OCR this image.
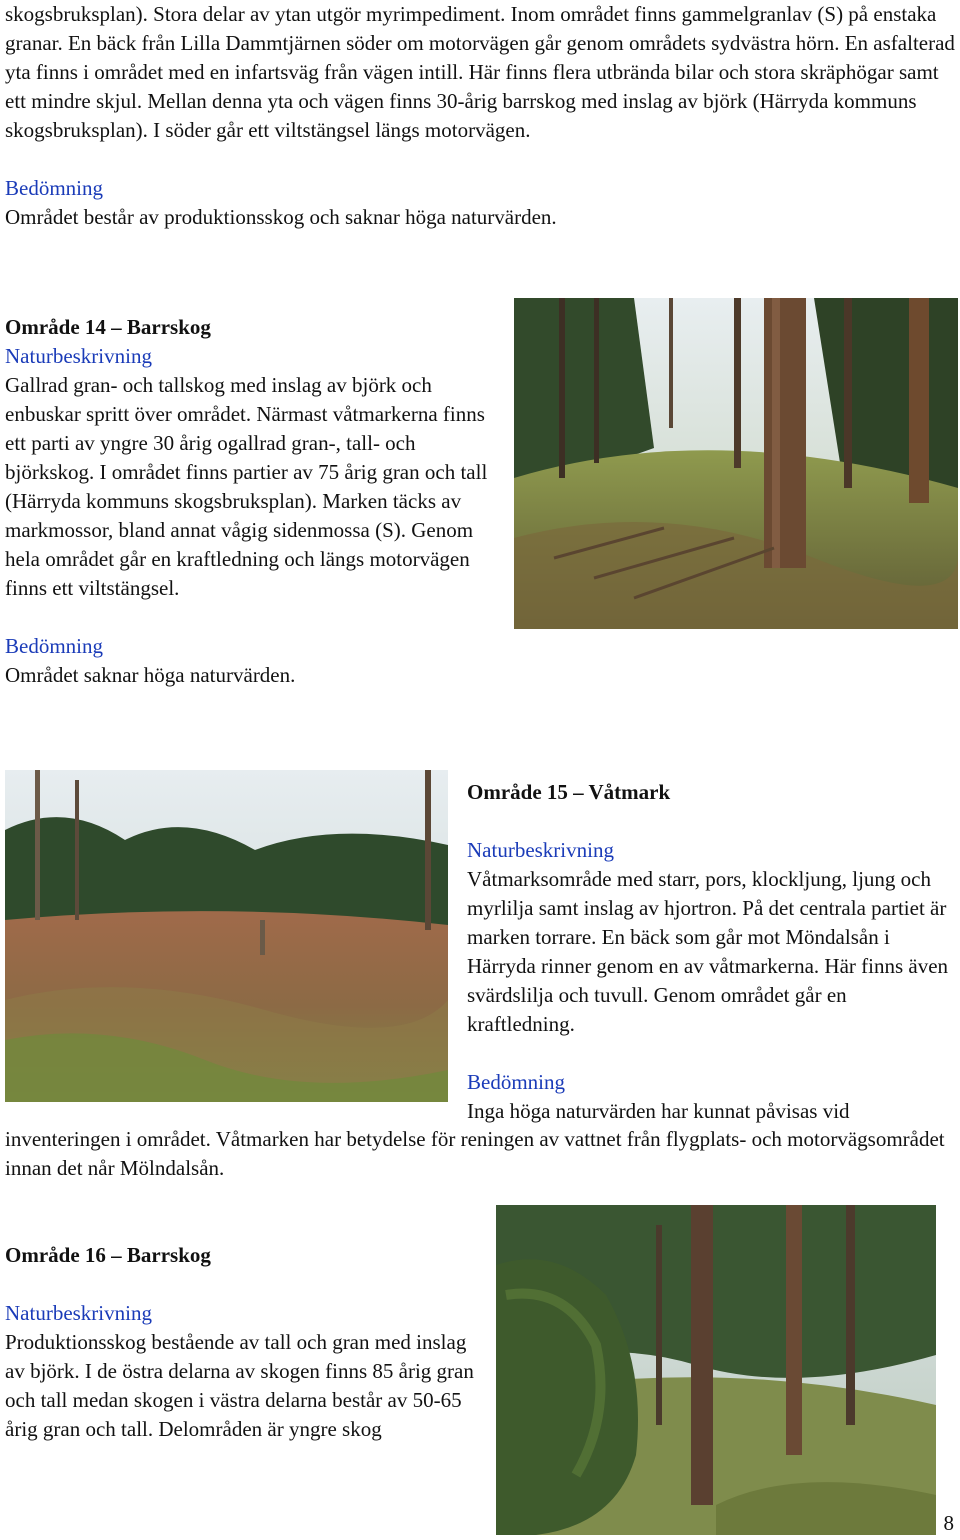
skogsbruksplan). Stora delar av ytan utgör myrimpediment. Inom området finns gammelgranlav (S) på enstaka granar. En bäck från Lilla Dammtjärnen söder om motorvägen går genom områdets sydvästra hörn. En asfalterad yta finns i området med en infartsväg från vägen intill. Här finns flera utbrända bilar och stora skräphögar samt ett mindre skjul. Mellan denna yta och vägen finns 30-årig barrskog med inslag av björk (Härryda kommuns skogsbruksplan). I söder går ett viltstängsel längs motorvägen.

Bedömning

Området består av produktionsskog och saknar höga naturvärden.

Område 14 – Barrskog

Naturbeskrivning

Gallrad gran- och tallskog med inslag av björk och enbuskar spritt över området. Närmast våtmarkerna finns ett parti av yngre 30 årig ogallrad gran-, tall- och björkskog. I området finns partier av 75 årig gran och tall (Härryda kommuns skogsbruksplan). Marken täcks av markmossor, bland annat vågig sidenmossa (S). Genom hela området går en kraftledning och längs motorvägen finns ett viltstängsel.

Bedömning

Området saknar höga naturvärden.

Område 15 – Våtmark

Naturbeskrivning

Våtmarksområde med starr, pors, klockljung, ljung och myrlilja samt inslag av hjortron. På det centrala partiet är marken torrare. En bäck som går mot Möndalsån i Härryda rinner genom en av våtmarkerna. Här finns även svärdslilja och tuvull. Genom området går en kraftledning.

Bedömning

Inga höga naturvärden har kunnat påvisas vid

inventeringen i området. Våtmarken har betydelse för reningen av vattnet från flygplats- och motorvägsområdet innan det når Mölndalsån.

Område 16 – Barrskog

Naturbeskrivning

Produktionsskog bestående av tall och gran med inslag av björk. I de östra delarna av skogen finns 85 årig gran och tall medan skogen i västra delarna består av 50-65 årig gran och tall. Delområden är yngre skog

8
